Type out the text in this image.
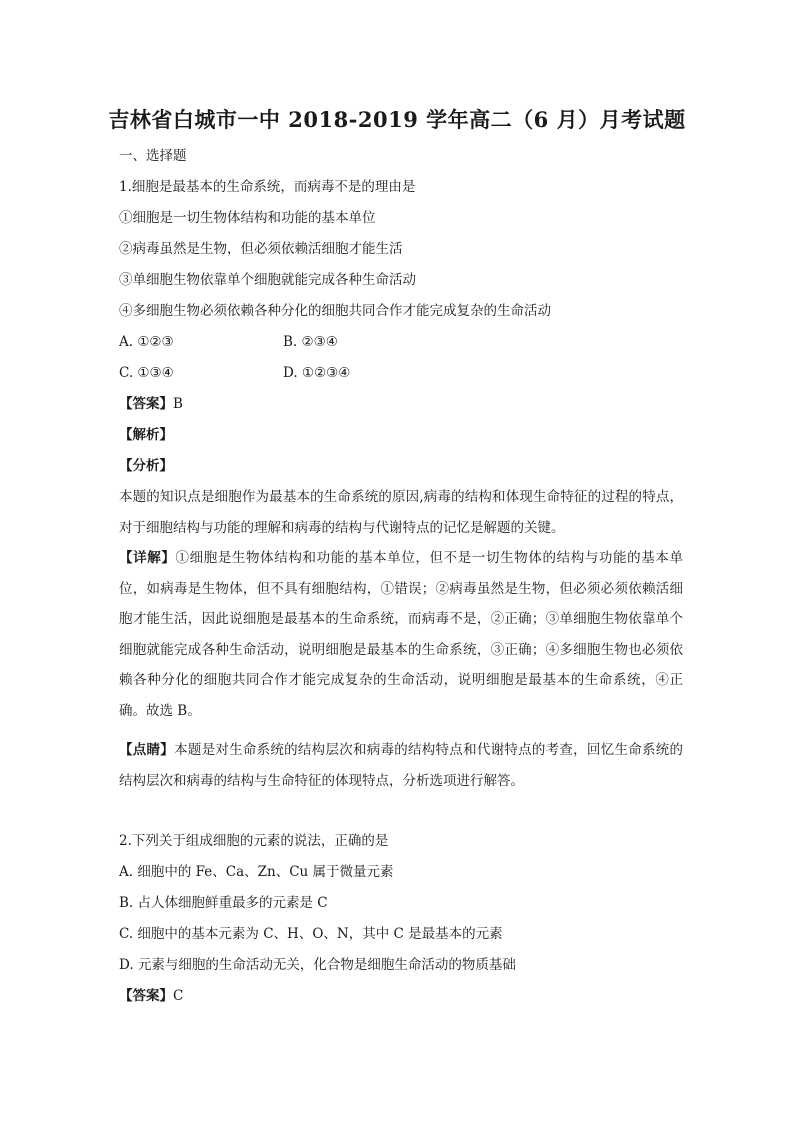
吉林省白城市一中 2018-2019 学年高二（6 月）月考试题
一、选择题
1.细胞是最基本的生命系统，而病毒不是的理由是
①细胞是一切生物体结构和功能的基本单位
②病毒虽然是生物，但必须依赖活细胞才能生活
③单细胞生物依靠单个细胞就能完成各种生命活动
④多细胞生物必须依赖各种分化的细胞共同合作才能完成复杂的生命活动
A. ①②③	B. ②③④
C. ①③④	D. ①②③④
【答案】B
【解析】
【分析】
本题的知识点是细胞作为最基本的生命系统的原因,病毒的结构和体现生命特征的过程的特点，对于细胞结构与功能的理解和病毒的结构与代谢特点的记忆是解题的关键。
【详解】①细胞是生物体结构和功能的基本单位，但不是一切生物体的结构与功能的基本单位，如病毒是生物体，但不具有细胞结构，①错误；②病毒虽然是生物，但必须必须依赖活细胞才能生活，因此说细胞是最基本的生命系统，而病毒不是，②正确；③单细胞生物依靠单个细胞就能完成各种生命活动，说明细胞是最基本的生命系统，③正确；④多细胞生物也必须依赖各种分化的细胞共同合作才能完成复杂的生命活动，说明细胞是最基本的生命系统，④正确。故选 B。
【点睛】本题是对生命系统的结构层次和病毒的结构特点和代谢特点的考查，回忆生命系统的结构层次和病毒的结构与生命特征的体现特点，分析选项进行解答。
2.下列关于组成细胞的元素的说法，正确的是
A. 细胞中的 Fe、Ca、Zn、Cu 属于微量元素
B. 占人体细胞鲜重最多的元素是 C
C. 细胞中的基本元素为 C、H、O、N，其中 C 是最基本的元素
D. 元素与细胞的生命活动无关，化合物是细胞生命活动的物质基础
【答案】C
